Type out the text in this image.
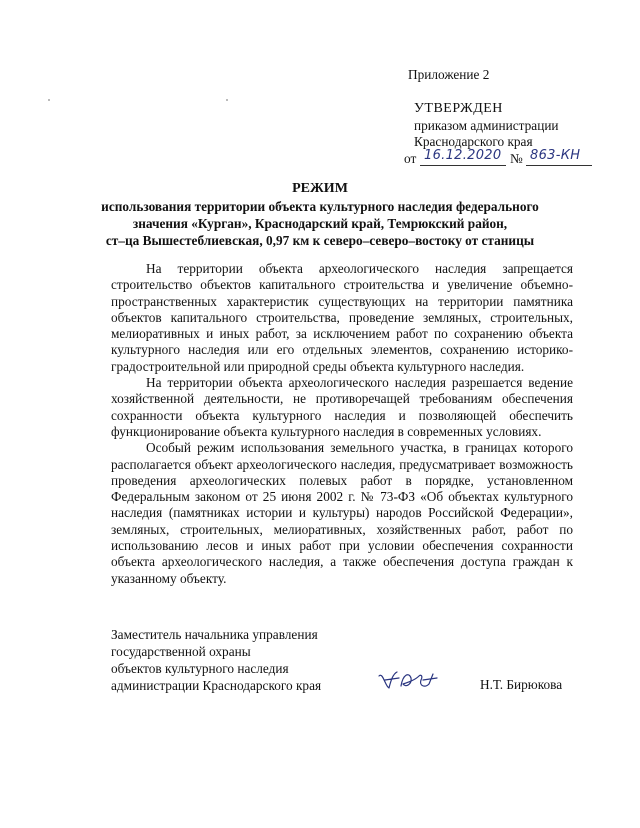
Приложение 2
УТВЕРЖДЕН
приказом администрации
Краснодарского края
от 16.12.2020 № 863-КН
РЕЖИМ
использования территории объекта культурного наследия федерального
значения «Курган», Краснодарский край, Темрюкский район,
ст–ца Вышестеблиевская, 0,97 км к северо–северо–востоку от станицы

На территории объекта археологического наследия запрещается строительство объектов капитального строительства и увеличение объемно-пространственных характеристик существующих на территории памятника объектов капитального строительства, проведение земляных, строительных, мелиоративных и иных работ, за исключением работ по сохранению объекта культурного наследия или его отдельных элементов, сохранению историко-градостроительной или природной среды объекта культурного наследия.

На территории объекта археологического наследия разрешается ведение хозяйственной деятельности, не противоречащей требованиям обеспечения сохранности объекта культурного наследия и позволяющей обеспечить функционирование объекта культурного наследия в современных условиях.

Особый режим использования земельного участка, в границах которого располагается объект археологического наследия, предусматривает возможность проведения археологических полевых работ в порядке, установленном Федеральным законом от 25 июня 2002 г. № 73-ФЗ «Об объектах культурного наследия (памятниках истории и культуры) народов Российской Федерации», земляных, строительных, мелиоративных, хозяйственных работ, работ по использованию лесов и иных работ при условии обеспечения сохранности объекта археологического наследия, а также обеспечения доступа граждан к указанному объекту.

Заместитель начальника управления
государственной охраны
объектов культурного наследия
администрации Краснодарского края	Н.Т. Бирюкова
